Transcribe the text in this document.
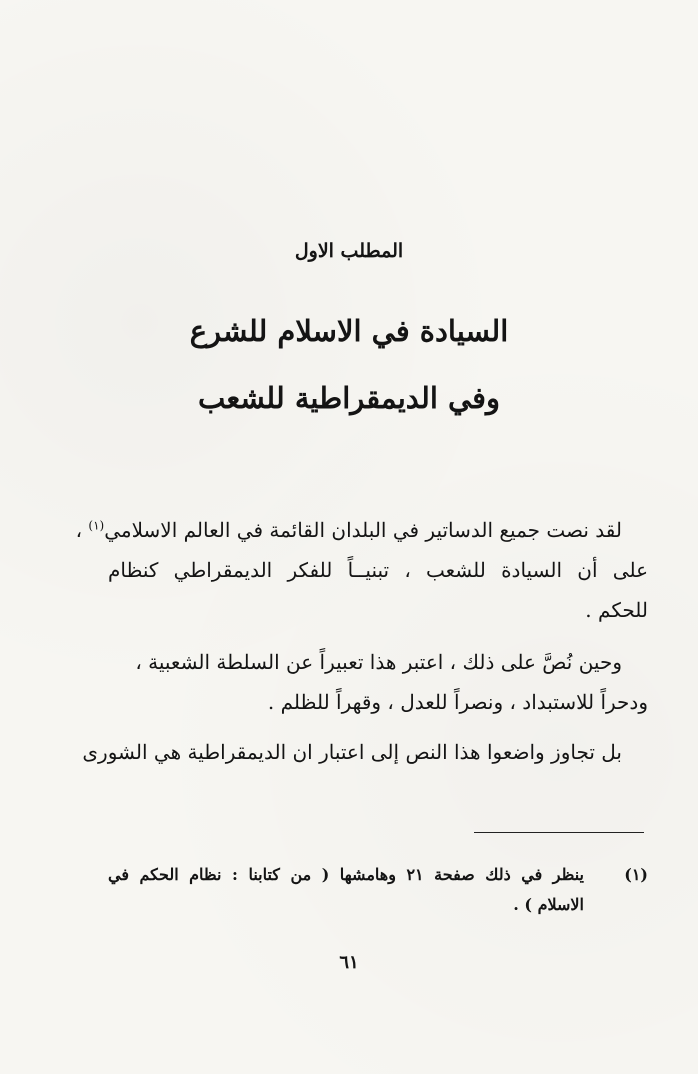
المطلب الاول
السيادة في الاسلام للشرع
وفي الديمقراطية للشعب
لقد نصت جميع الدساتير في البلدان القائمة في العالم الاسلامي$^{(١)}$ ،
على أن السيادة للشعب ، تبنيــاً للفكر الديمقراطي كنظام
للحكم .
وحين نُصَّ على ذلك ، اعتبر هذا تعبيراً عن السلطة الشعبية ،
ودحراً للاستبداد ، ونصراً للعدل ، وقهراً للظلم .
بل تجاوز واضعوا هذا النص إلى اعتبار ان الديمقراطية هي الشورى
(١)
ينظر في ذلك صفحة ٢١ وهامشها ( من كتابنا : نظام الحكم في
الاسلام ) .
٦١
